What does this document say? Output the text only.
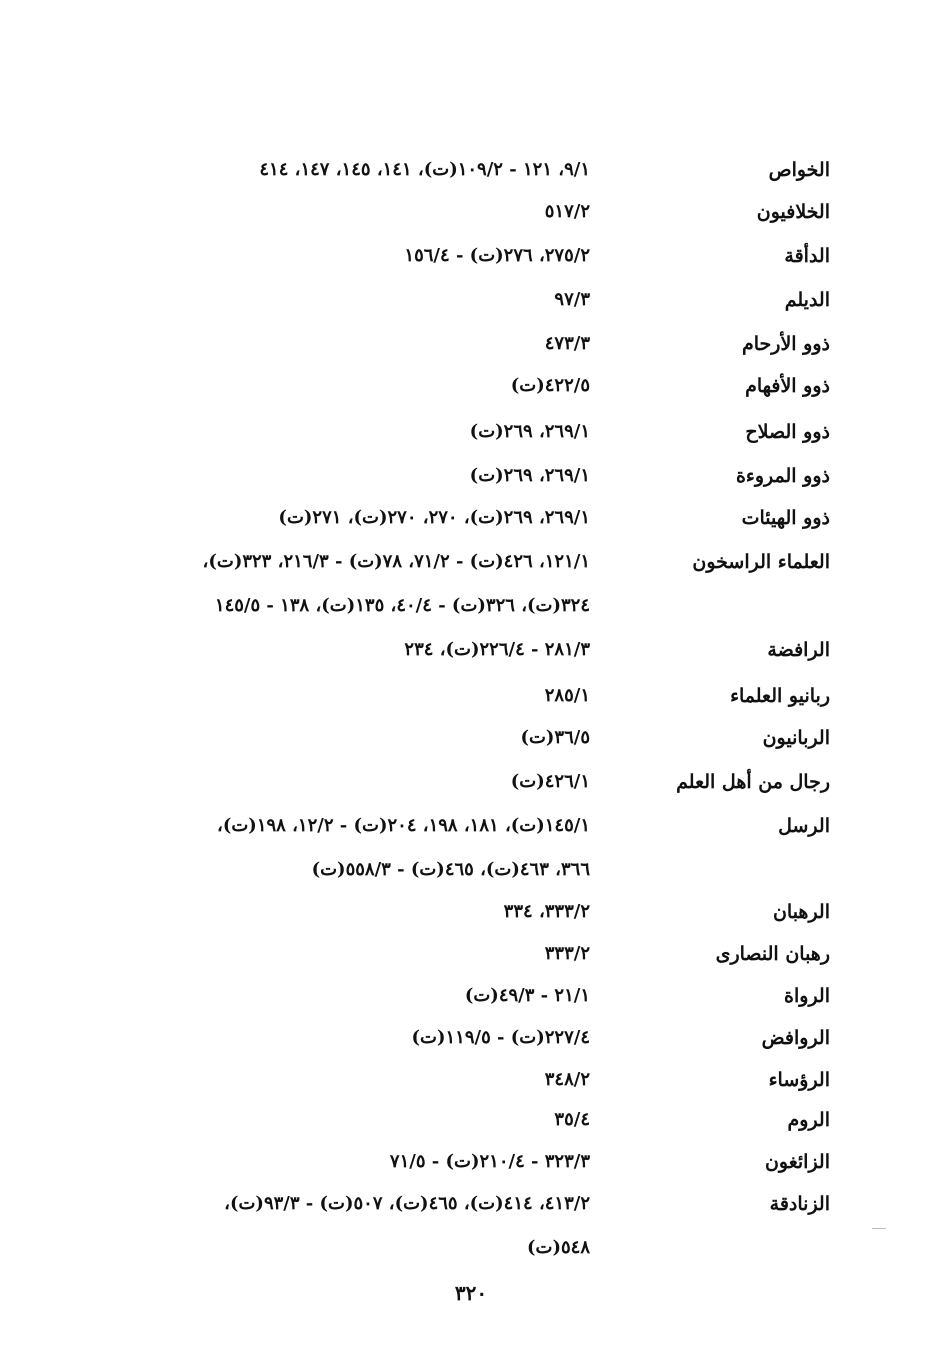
الخواص
٩/١، ١٢١ - ١٠٩/٢(ت)، ١٤١، ١٤٥، ١٤٧، ٤١٤
الخلافيون
٥١٧/٢
الدأقة
٢٧٥/٢، ٢٧٦(ت) - ١٥٦/٤
الديلم
٩٧/٣
ذوو الأرحام
٤٧٣/٣
ذوو الأفهام
٤٢٢/٥(ت)
ذوو الصلاح
٢٦٩/١، ٢٦٩(ت)
ذوو المروءة
٢٦٩/١، ٢٦٩(ت)
ذوو الهيئات
٢٦٩/١، ٢٦٩(ت)، ٢٧٠، ٢٧٠(ت)، ٢٧١(ت)
العلماء الراسخون
١٢١/١، ٤٢٦(ت) - ٧١/٢، ٧٨(ت) - ٢١٦/٣، ٣٢٣(ت)،
٣٢٤(ت)، ٣٢٦(ت) - ٤٠/٤، ١٣٥(ت)، ١٣٨ - ١٤٥/٥
الرافضة
٢٨١/٣ - ٢٢٦/٤(ت)، ٢٣٤
ربانيو العلماء
٢٨٥/١
الربانيون
٣٦/٥(ت)
رجال من أهل العلم
٤٢٦/١(ت)
الرسل
١٤٥/١(ت)، ١٨١، ١٩٨، ٢٠٤(ت) - ١٢/٢، ١٩٨(ت)،
٣٦٦، ٤٦٣(ت)، ٤٦٥(ت) - ٥٥٨/٣(ت)
الرهبان
٣٣٣/٢، ٣٣٤
رهبان النصارى
٣٣٣/٢
الرواة
٢١/١ - ٤٩/٣(ت)
الروافض
٢٢٧/٤(ت) - ١١٩/٥(ت)
الرؤساء
٣٤٨/٢
الروم
٣٥/٤
الزائغون
٣٢٣/٣ - ٢١٠/٤(ت) - ٧١/٥
الزنادقة
٤١٣/٢، ٤١٤(ت)، ٤٦٥(ت)، ٥٠٧(ت) - ٩٣/٣(ت)،
٥٤٨(ت)
٣٢٠
